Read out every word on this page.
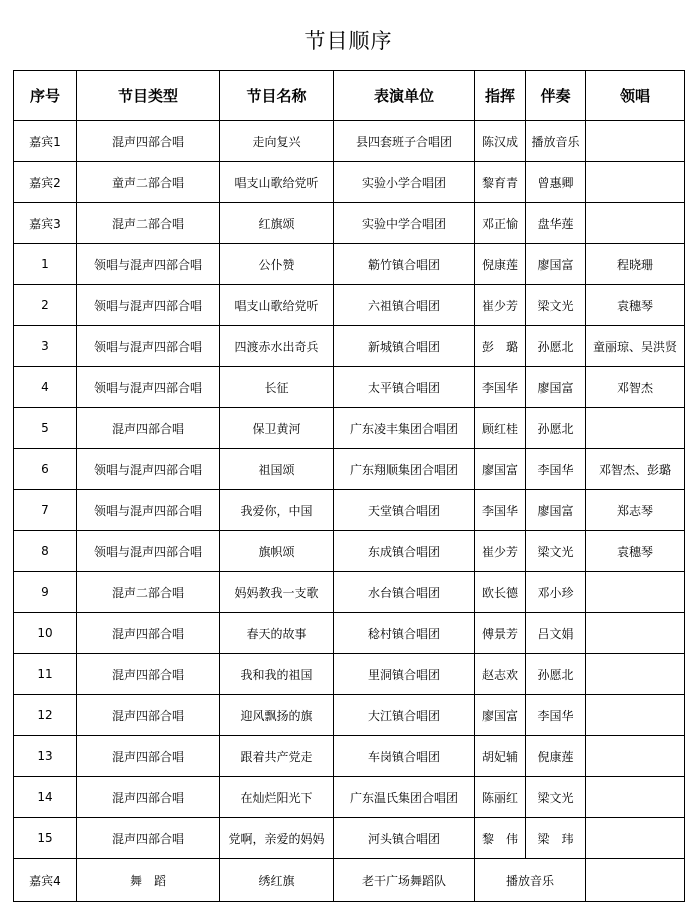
节目顺序
序号	节目类型	节目名称	表演单位	指挥	伴奏	领唱
嘉宾1	混声四部合唱	走向复兴	县四套班子合唱团	陈汉成	播放音乐	
嘉宾2	童声二部合唱	唱支山歌给党听	实验小学合唱团	黎育青	曾惠卿	
嘉宾3	混声二部合唱	红旗颂	实验中学合唱团	邓正愉	盘华莲	
1	领唱与混声四部合唱	公仆赞	簕竹镇合唱团	倪康莲	廖国富	程晓珊
2	领唱与混声四部合唱	唱支山歌给党听	六祖镇合唱团	崔少芳	梁文光	袁穗琴
3	领唱与混声四部合唱	四渡赤水出奇兵	新城镇合唱团	彭　璐	孙愿北	童丽琼、吴洪贤
4	领唱与混声四部合唱	长征	太平镇合唱团	李国华	廖国富	邓智杰
5	混声四部合唱	保卫黄河	广东凌丰集团合唱团	顾红桂	孙愿北	
6	领唱与混声四部合唱	祖国颂	广东翔顺集团合唱团	廖国富	李国华	邓智杰、彭璐
7	领唱与混声四部合唱	我爱你，中国	天堂镇合唱团	李国华	廖国富	郑志琴
8	领唱与混声四部合唱	旗帜颂	东成镇合唱团	崔少芳	梁文光	袁穗琴
9	混声二部合唱	妈妈教我一支歌	水台镇合唱团	欧长德	邓小珍	
10	混声四部合唱	春天的故事	稔村镇合唱团	傅景芳	吕文娟	
11	混声四部合唱	我和我的祖国	里洞镇合唱团	赵志欢	孙愿北	
12	混声四部合唱	迎风飘扬的旗	大江镇合唱团	廖国富	李国华	
13	混声四部合唱	跟着共产党走	车岗镇合唱团	胡妃辅	倪康莲	
14	混声四部合唱	在灿烂阳光下	广东温氏集团合唱团	陈丽红	梁文光	
15	混声四部合唱	党啊，亲爱的妈妈	河头镇合唱团	黎　伟	梁　玮	
嘉宾4	舞　蹈	绣红旗	老干广场舞蹈队	播放音乐		
